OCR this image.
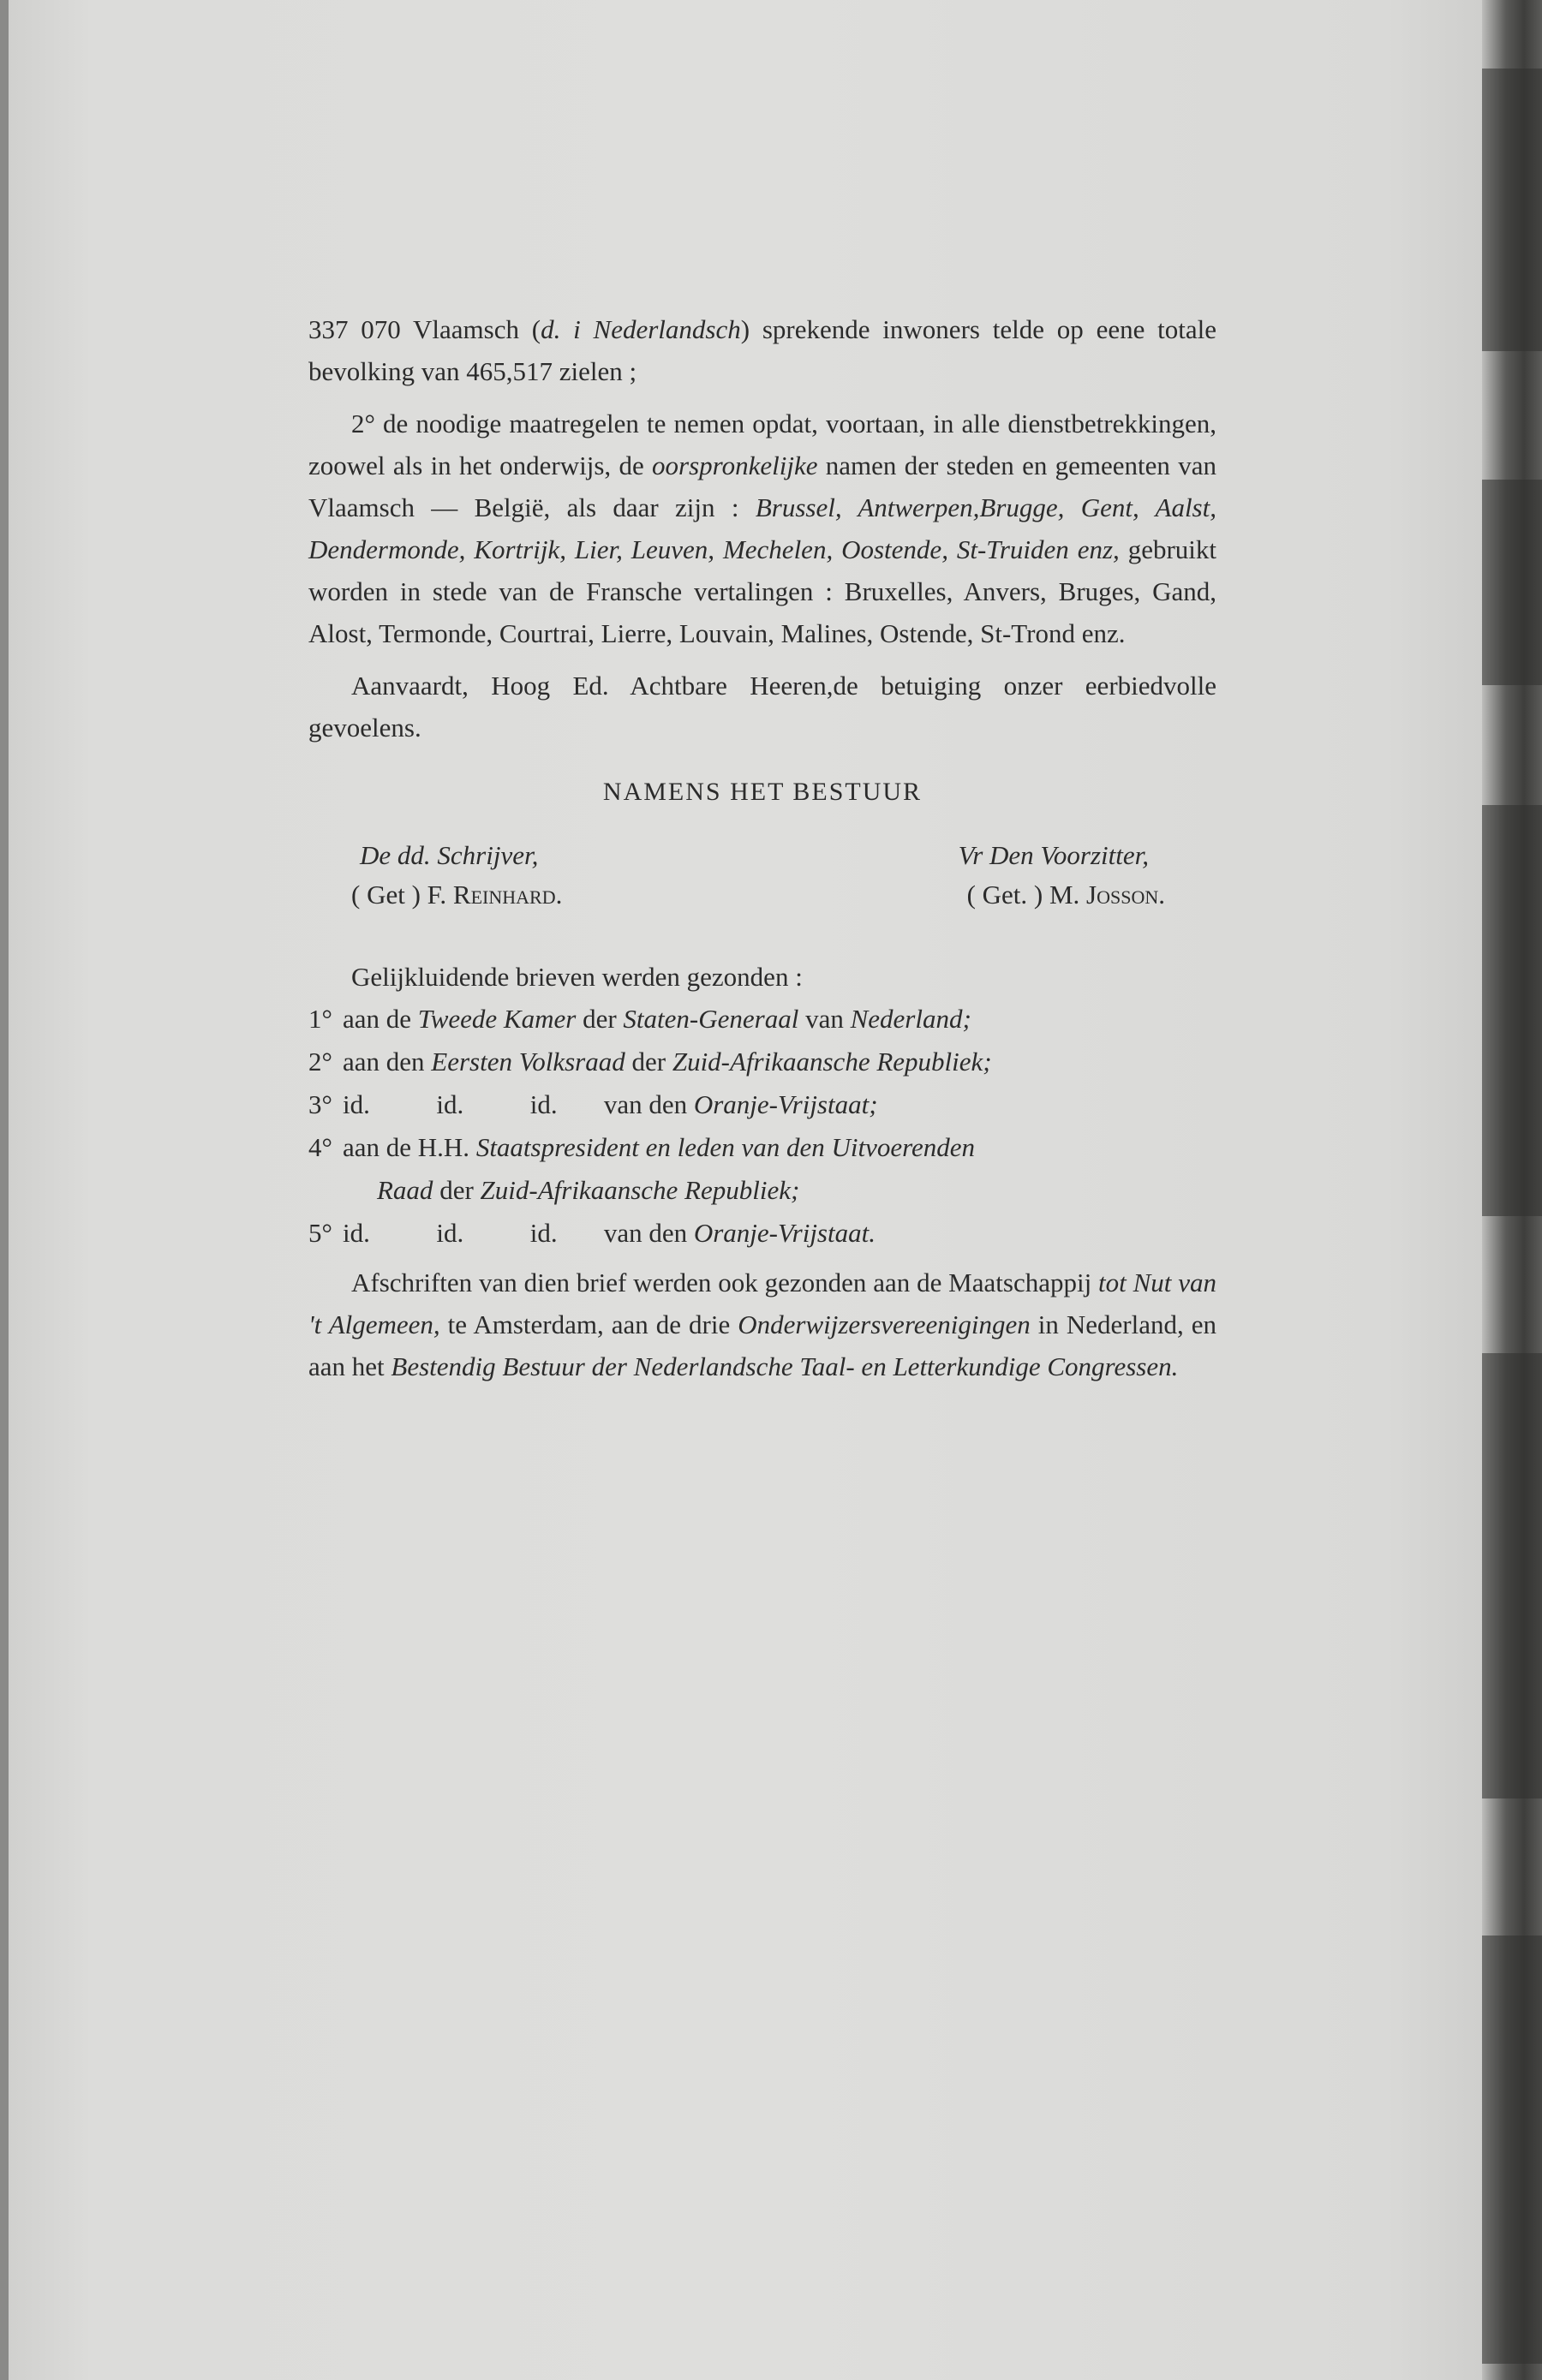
337 070 Vlaamsch (d. i Nederlandsch) sprekende inwoners telde op eene totale bevolking van 465,517 zielen ;

2° de noodige maatregelen te nemen opdat, voortaan, in alle dienstbetrekkingen, zoowel als in het onderwijs, de oorspronkelijke namen der steden en gemeenten van Vlaamsch — België, als daar zijn : Brussel, Antwerpen,Brugge, Gent, Aalst, Dendermonde, Kortrijk, Lier, Leuven, Mechelen, Oostende, St-Truiden enz, gebruikt worden in stede van de Fransche vertalingen : Bruxelles, Anvers, Bruges, Gand, Alost, Termonde, Courtrai, Lierre, Louvain, Malines, Ostende, St-Trond enz.

Aanvaardt, Hoog Ed. Achtbare Heeren,de betuiging onzer eerbiedvolle gevoelens.

NAMENS HET BESTUUR
De dd. Schrijver,
( Get ) F. Reinhard.
Vr Den Voorzitter,
( Get. ) M. Josson.

Gelijkluidende brieven werden gezonden :

1° aan de Tweede Kamer der Staten-Generaal van Nederland;
2° aan den Eersten Volksraad der Zuid-Afrikaansche Republiek;
3° id.          id.          id.       van den Oranje-Vrijstaat;
4° aan de H.H. Staatspresident en leden van den Uitvoerenden
Raad der Zuid-Afrikaansche Republiek;
5° id.          id.          id.       van den Oranje-Vrijstaat.

Afschriften van dien brief werden ook gezonden aan de Maatschappij tot Nut van 't Algemeen, te Amsterdam, aan de drie Onderwijzersvereenigingen in Nederland, en aan het Bestendig Bestuur der Nederlandsche Taal- en Letterkundige Congressen.
